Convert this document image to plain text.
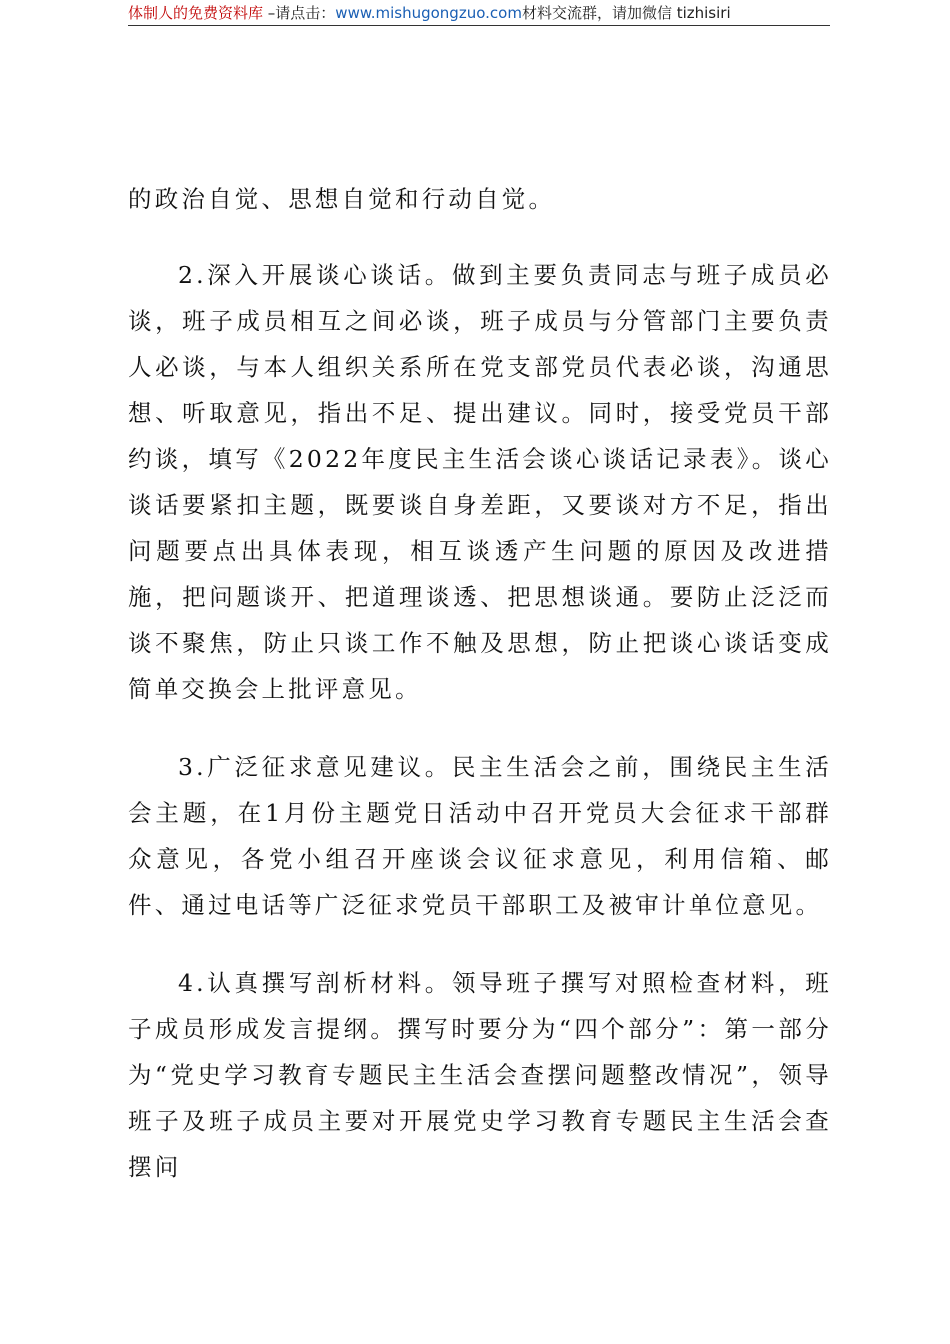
体制人的免费资料库 –请点击：www.mishugongzuo.com材料交流群，请加微信 tizhisiri

的政治自觉、思想自觉和行动自觉。

2.深入开展谈心谈话。做到主要负责同志与班子成员必谈，班子成员相互之间必谈，班子成员与分管部门主要负责人必谈，与本人组织关系所在党支部党员代表必谈，沟通思想、听取意见，指出不足、提出建议。同时，接受党员干部约谈，填写《2022年度民主生活会谈心谈话记录表》。谈心谈话要紧扣主题，既要谈自身差距，又要谈对方不足，指出问题要点出具体表现，相互谈透产生问题的原因及改进措施，把问题谈开、把道理谈透、把思想谈通。要防止泛泛而谈不聚焦，防止只谈工作不触及思想，防止把谈心谈话变成简单交换会上批评意见。

3.广泛征求意见建议。民主生活会之前，围绕民主生活会主题，在1月份主题党日活动中召开党员大会征求干部群众意见，各党小组召开座谈会议征求意见，利用信箱、邮件、通过电话等广泛征求党员干部职工及被审计单位意见。

4.认真撰写剖析材料。领导班子撰写对照检查材料，班子成员形成发言提纲。撰写时要分为“四个部分”：第一部分为“党史学习教育专题民主生活会查摆问题整改情况”，领导班子及班子成员主要对开展党史学习教育专题民主生活会查摆问
